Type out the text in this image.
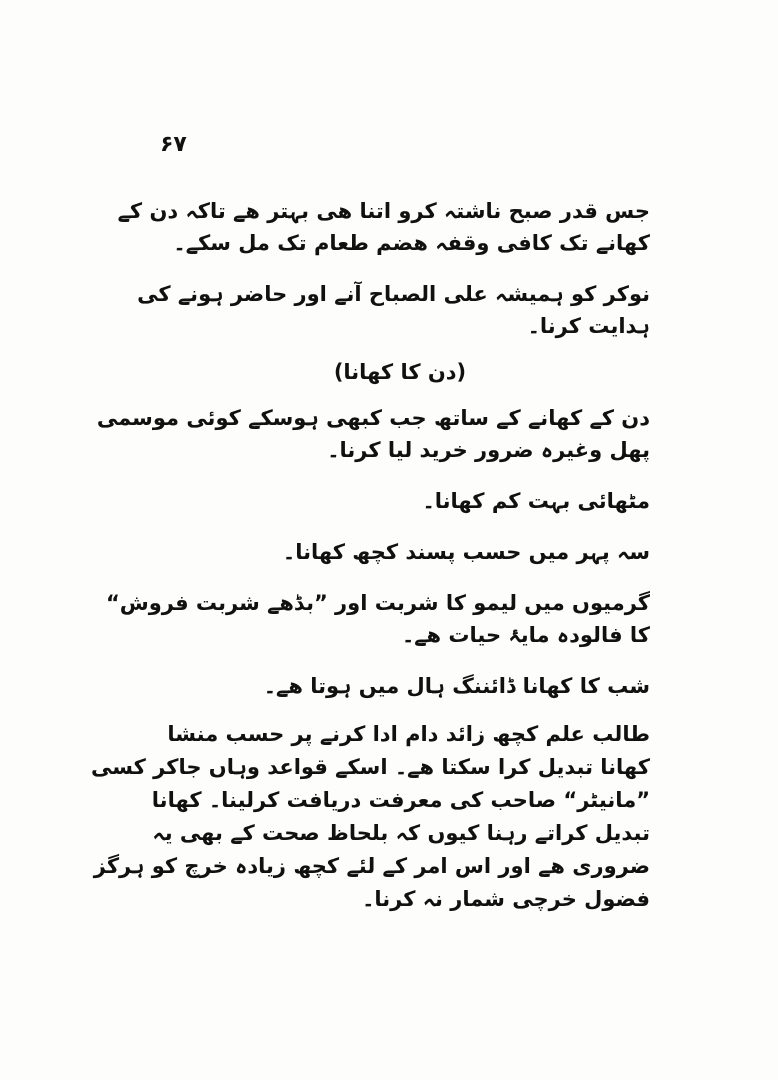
۶۷
جس قدر صبح ناشتہ کرو اتنا ھی بہتر ھے تاکہ دن کے
کھانے تک کافی وقفہ ھضم طعام تک مل سکے۔
نوکر کو ہمیشہ علی الصباح آنے اور حاضر ہونے کی
ہدایت کرنا۔
(دن کا کھانا)
دن کے کھانے کے ساتھ جب کبھی ہوسکے کوئی موسمی
پھل وغیرہ ضرور خرید لیا کرنا۔
مٹھائی بہت کم کھانا۔
سہ پہر میں حسب پسند کچھ کھانا۔
گرمیوں میں لیمو کا شربت اور ”بڈھے شربت فروش“
کا فالودہ مایۂ حیات ھے۔
شب کا کھانا ڈائننگ ہال میں ہوتا ھے۔
طالب علم کچھ زائد دام ادا کرنے پر حسب منشا
کھانا تبدیل کرا سکتا ھے۔ اسکے قواعد وہاں جاکر کسی
”مانیٹر“ صاحب کی معرفت دریافت کرلینا۔ کھانا
تبدیل کراتے رہنا کیوں کہ بلحاظ صحت کے بھی یہ
ضروری ھے اور اس امر کے لئے کچھ زیادہ خرچ کو ہرگز
فضول خرچی شمار نہ کرنا۔
